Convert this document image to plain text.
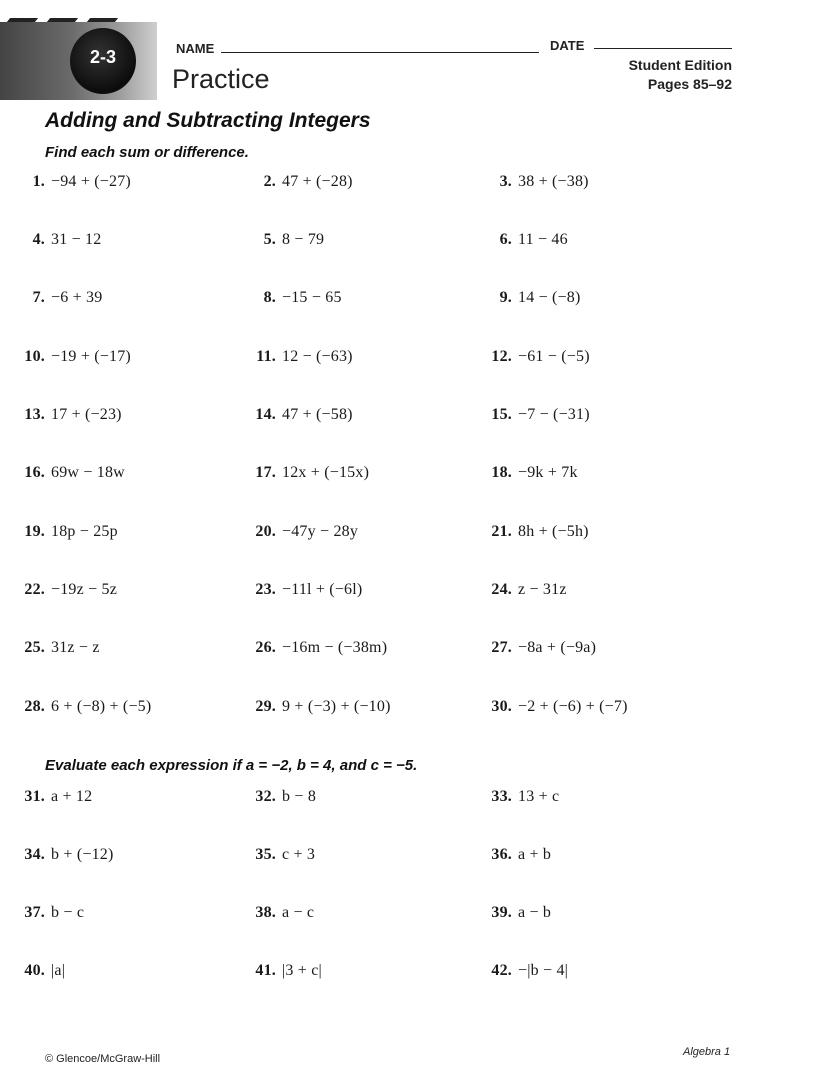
2-3	NAME	DATE
Practice	Student Edition
Pages 85–92
Adding and Subtracting Integers
Find each sum or difference.
Evaluate each expression if a = −2, b = 4, and c = −5.
1. −94 + (−27)	2. 47 + (−28)	3. 38 + (−38)
4. 31 − 12	5. 8 − 79	6. 11 − 46
7. −6 + 39	8. −15 − 65	9. 14 − (−8)
10. −19 + (−17)	11. 12 − (−63)	12. −61 − (−5)
13. 17 + (−23)	14. 47 + (−58)	15. −7 − (−31)
16. 69w − 18w	17. 12x + (−15x)	18. −9k + 7k
19. 18p − 25p	20. −47y − 28y	21. 8h + (−5h)
22. −19z − 5z	23. −11l + (−6l)	24. z − 31z
25. 31z − z	26. −16m − (−38m)	27. −8a + (−9a)
28. 6 + (−8) + (−5)	29. 9 + (−3) + (−10)	30. −2 + (−6) + (−7)
31. a + 12	32. b − 8	33. 13 + c
34. b + (−12)	35. c + 3	36. a + b
37. b − c	38. a − c	39. a − b
40. |a|	41. |3 + c|	42. −|b − 4|
© Glencoe/McGraw-Hill
Algebra 1
